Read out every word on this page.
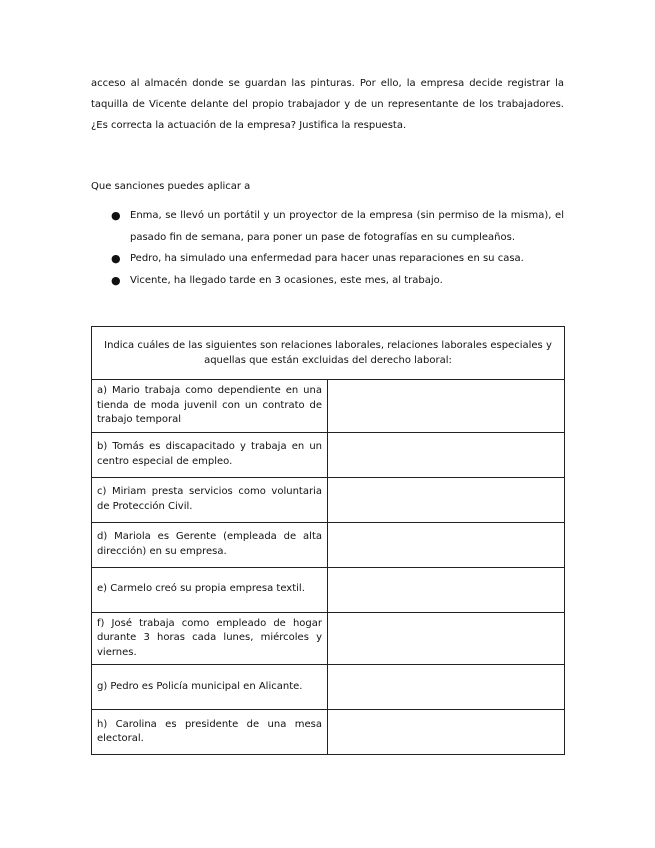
acceso al almacén donde se guardan las pinturas. Por ello, la empresa decide registrar la taquilla de Vicente delante del propio trabajador y de un representante de los trabajadores. ¿Es correcta la actuación de la empresa? Justifica la respuesta.

Que sanciones puedes aplicar a

● Enma, se llevó un portátil y un proyector de la empresa (sin permiso de la misma), el pasado fin de semana, para poner un pase de fotografías en su cumpleaños.
● Pedro, ha simulado una enfermedad para hacer unas reparaciones en su casa.
● Vicente, ha llegado tarde en 3 ocasiones, este mes, al trabajo.
Indica cuáles de las siguientes son relaciones laborales, relaciones laborales especiales y aquellas que están excluidas del derecho laboral:	
a) Mario trabaja como dependiente en una tienda de moda juvenil con un contrato de trabajo temporal	
b) Tomás es discapacitado y trabaja en un centro especial de empleo.	
c) Miriam presta servicios como voluntaria de Protección Civil.	
d) Mariola es Gerente (empleada de alta dirección) en su empresa.	
e) Carmelo creó su propia empresa textil.	
f) José trabaja como empleado de hogar durante 3 horas cada lunes, miércoles y viernes.	
g) Pedro es Policía municipal en Alicante.	
h) Carolina es presidente de una mesa electoral.	
